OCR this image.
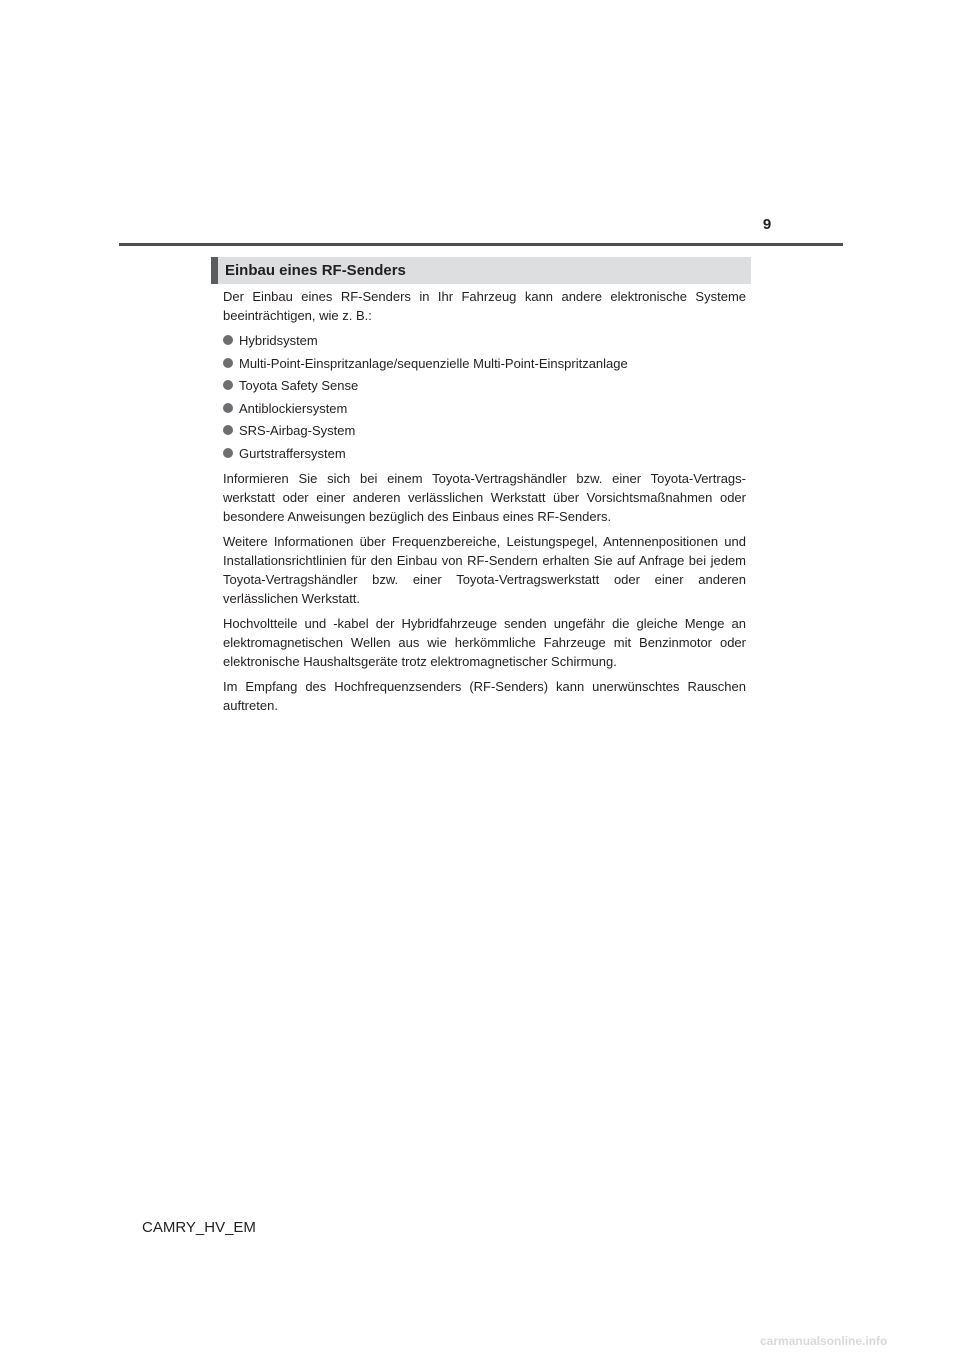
9
Einbau eines RF-Senders

Der Einbau eines RF-Senders in Ihr Fahrzeug kann andere elektronische Systeme beeinträchtigen, wie z. B.:

Hybridsystem
Multi-Point-Einspritzanlage/sequenzielle Multi-Point-Einspritzanlage
Toyota Safety Sense
Antiblockiersystem
SRS-Airbag-System
Gurtstraffersystem

Informieren Sie sich bei einem Toyota-Vertragshändler bzw. einer Toyota-Vertrags-werkstatt oder einer anderen verlässlichen Werkstatt über Vorsichtsmaßnahmen oder besondere Anweisungen bezüglich des Einbaus eines RF-Senders.

Weitere Informationen über Frequenzbereiche, Leistungspegel, Antennenpositionen und Installationsrichtlinien für den Einbau von RF-Sendern erhalten Sie auf Anfrage bei jedem Toyota-Vertragshändler bzw. einer Toyota-Vertragswerkstatt oder einer anderen verlässlichen Werkstatt.

Hochvoltteile und -kabel der Hybridfahrzeuge senden ungefähr die gleiche Menge an elektromagnetischen Wellen aus wie herkömmliche Fahrzeuge mit Benzinmotor oder elektronische Haushaltsgeräte trotz elektromagnetischer Schirmung.

Im Empfang des Hochfrequenzsenders (RF-Senders) kann unerwünschtes Rauschen auftreten.

CAMRY_HV_EM
carmanualsonline.info
